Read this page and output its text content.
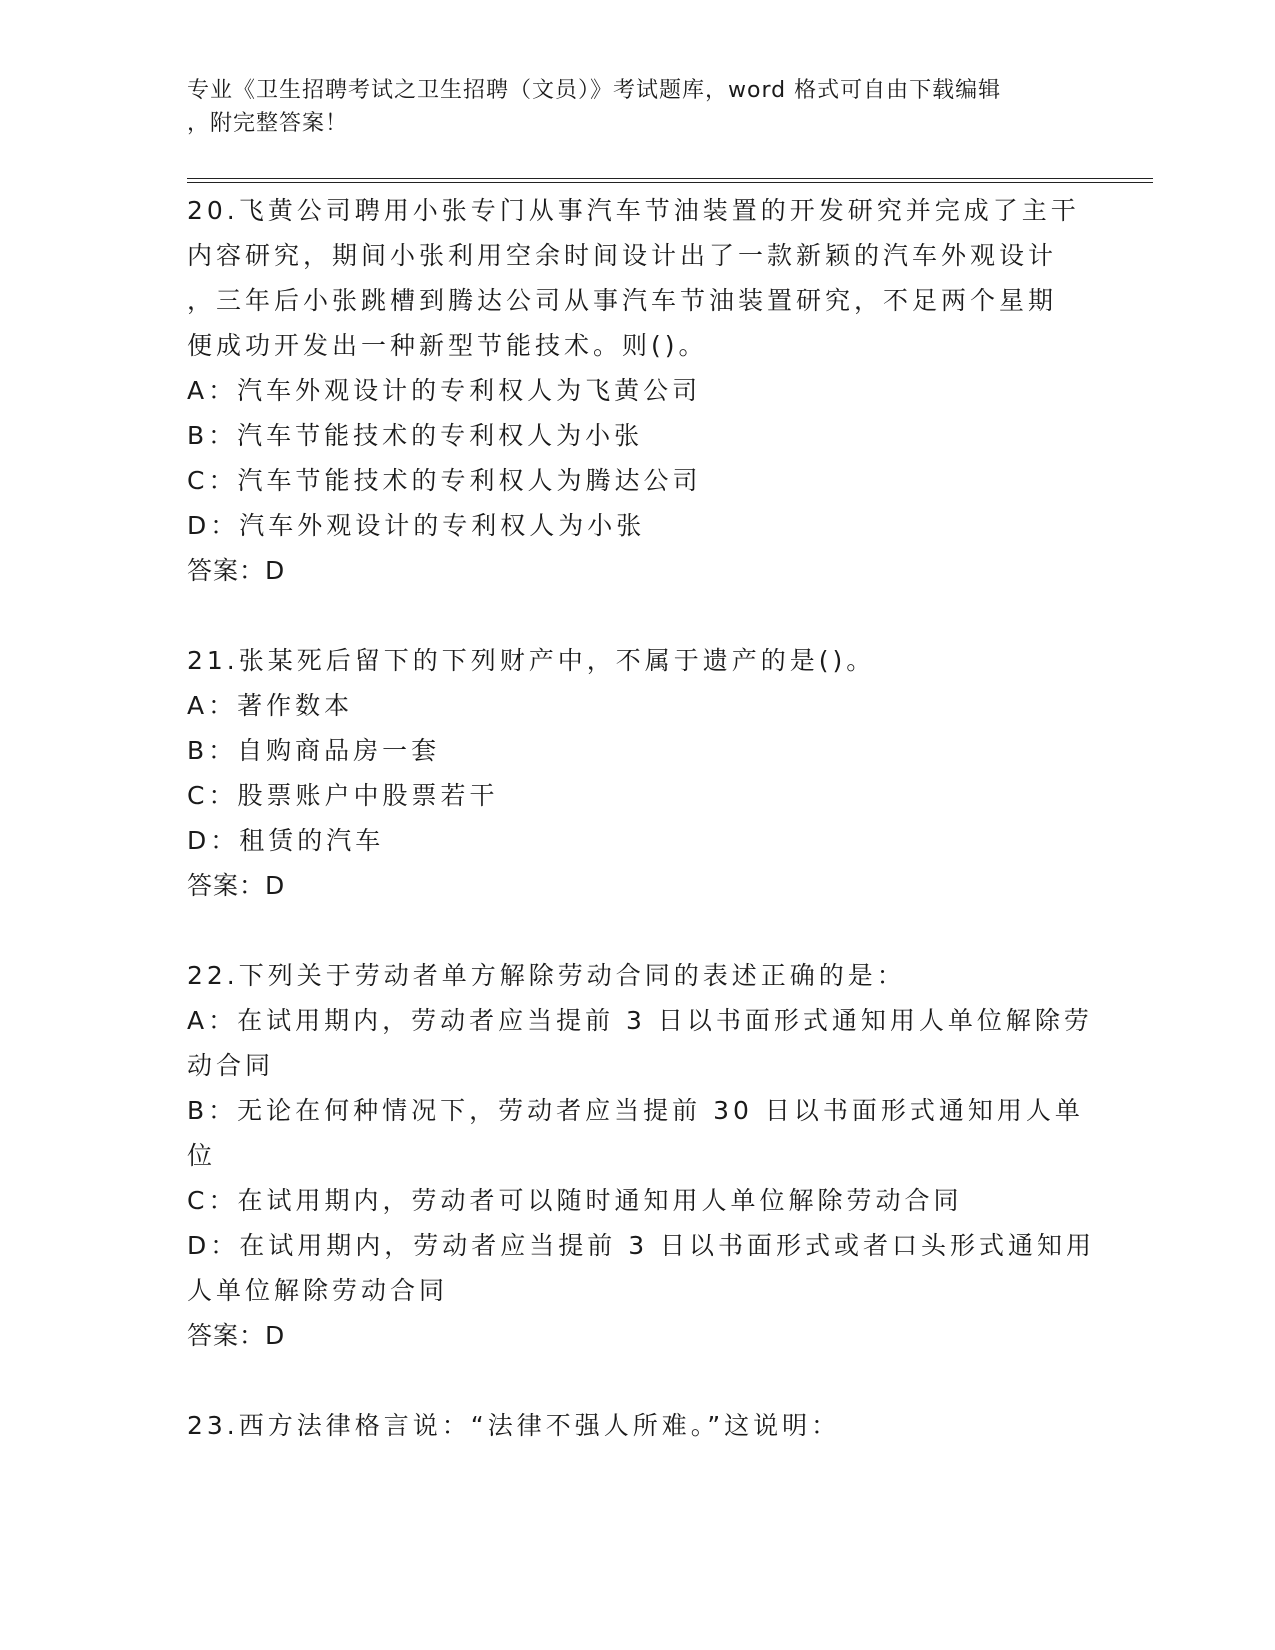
专业《卫生招聘考试之卫生招聘（文员）》考试题库，word 格式可自由下载编辑
，附完整答案！
20.飞黄公司聘用小张专门从事汽车节油装置的开发研究并完成了主干
内容研究，期间小张利用空余时间设计出了一款新颖的汽车外观设计
，三年后小张跳槽到腾达公司从事汽车节油装置研究，不足两个星期
便成功开发出一种新型节能技术。则()。
A：汽车外观设计的专利权人为飞黄公司
B：汽车节能技术的专利权人为小张
C：汽车节能技术的专利权人为腾达公司
D：汽车外观设计的专利权人为小张
答案：D
21.张某死后留下的下列财产中，不属于遗产的是()。
A：著作数本
B：自购商品房一套
C：股票账户中股票若干
D：租赁的汽车
答案：D
22.下列关于劳动者单方解除劳动合同的表述正确的是：
A：在试用期内，劳动者应当提前 3 日以书面形式通知用人单位解除劳
动合同
B：无论在何种情况下，劳动者应当提前 30 日以书面形式通知用人单
位
C：在试用期内，劳动者可以随时通知用人单位解除劳动合同
D：在试用期内，劳动者应当提前 3 日以书面形式或者口头形式通知用
人单位解除劳动合同
答案：D
23.西方法律格言说：“法律不强人所难。”这说明：
